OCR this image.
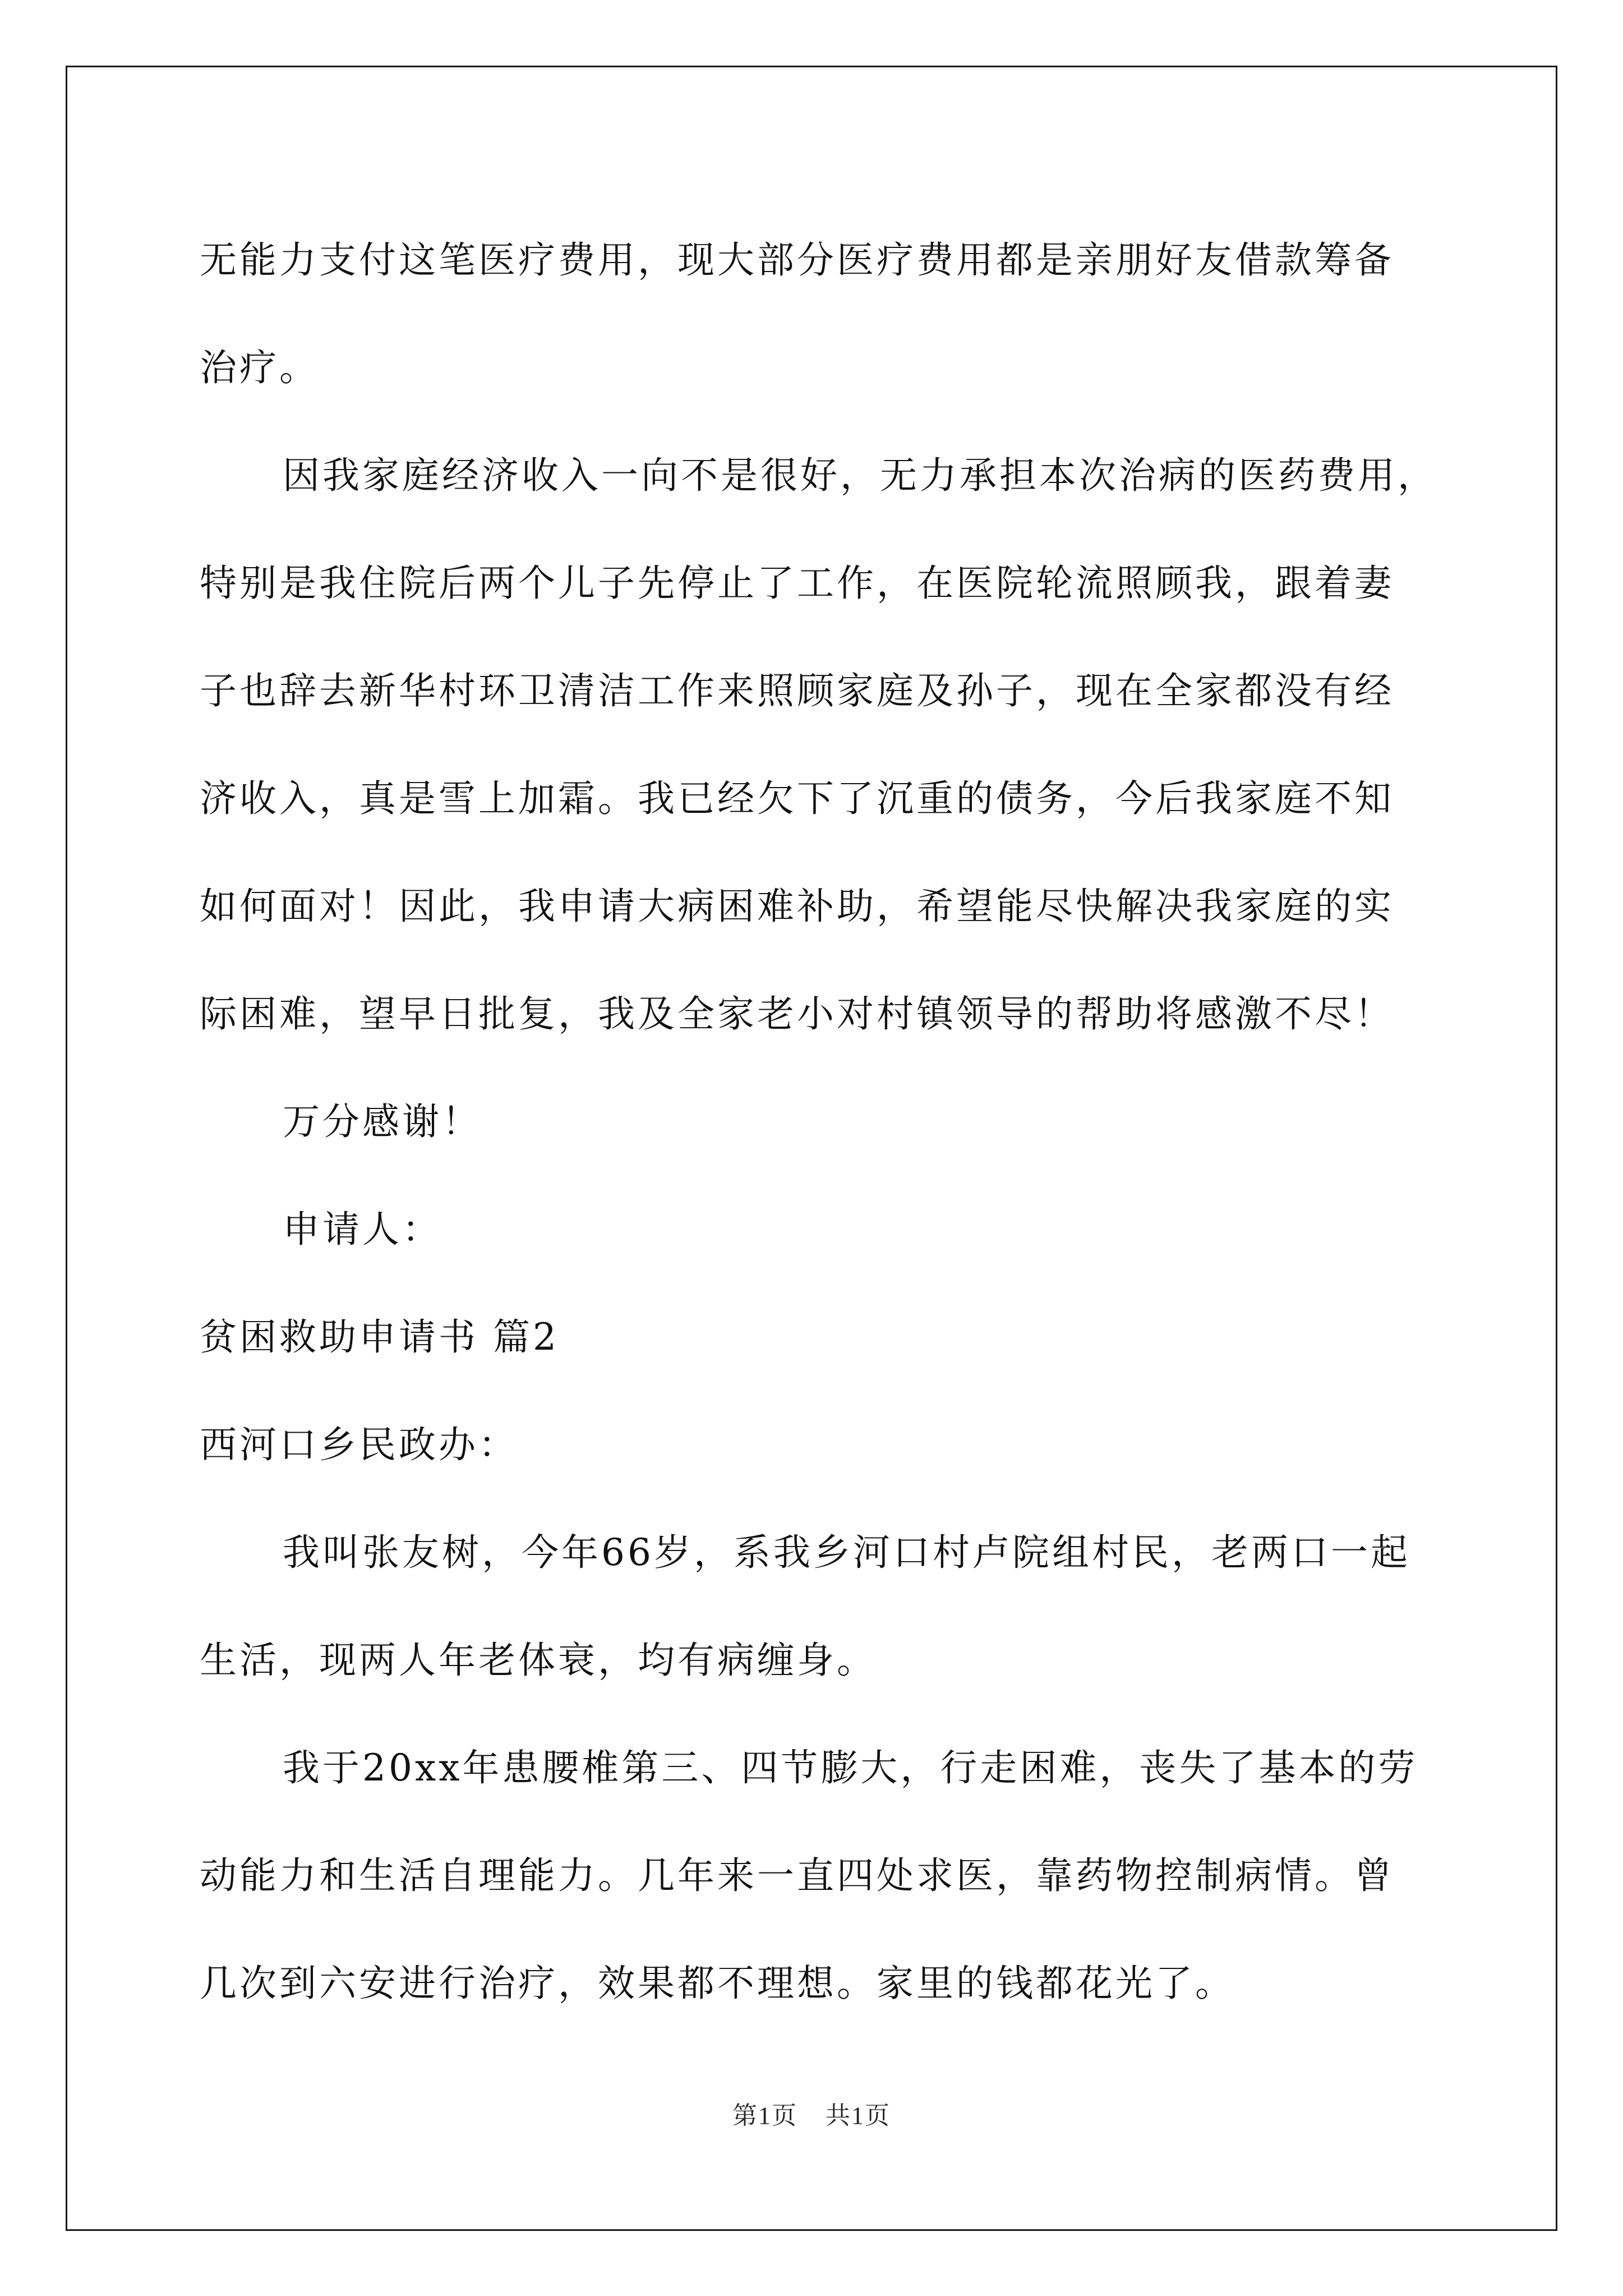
无能力支付这笔医疗费用，现大部分医疗费用都是亲朋好友借款筹备
治疗。
因我家庭经济收入一向不是很好，无力承担本次治病的医药费用，
特别是我住院后两个儿子先停止了工作，在医院轮流照顾我，跟着妻
子也辞去新华村环卫清洁工作来照顾家庭及孙子，现在全家都没有经
济收入，真是雪上加霜。我已经欠下了沉重的债务，今后我家庭不知
如何面对！因此，我申请大病困难补助，希望能尽快解决我家庭的实
际困难，望早日批复，我及全家老小对村镇领导的帮助将感激不尽！
万分感谢！
申请人：
贫困救助申请书 篇2
西河口乡民政办：
我叫张友树，今年66岁，系我乡河口村卢院组村民，老两口一起
生活，现两人年老体衰，均有病缠身。
我于20xx年患腰椎第三、四节膨大，行走困难，丧失了基本的劳
动能力和生活自理能力。几年来一直四处求医，靠药物控制病情。曾
几次到六安进行治疗，效果都不理想。家里的钱都花光了。
第1页 共1页
